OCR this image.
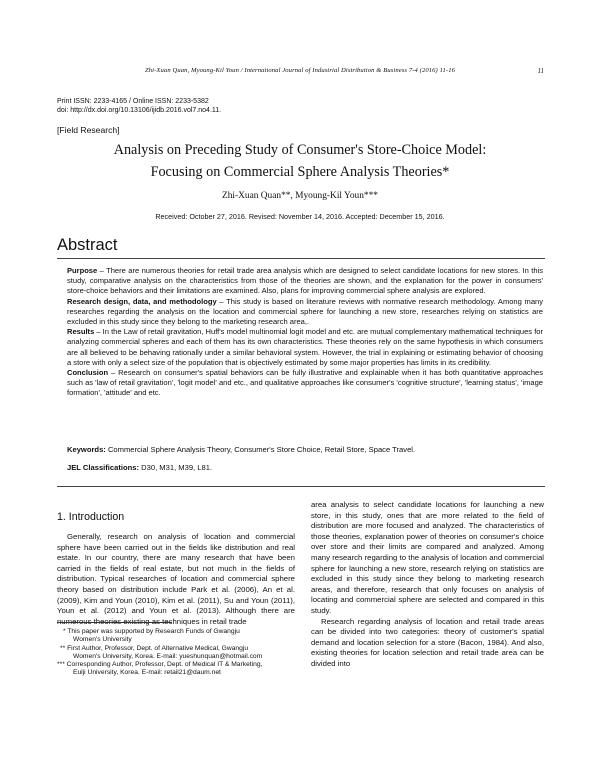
Zhi-Xuan Quan, Myoung-Kil Youn / International Journal of Industrial Distribution & Business 7-4 (2016) 11-16	11
Print ISSN: 2233-4165 / Online ISSN: 2233-5382
doi: http://dx.doi.org/10.13106/ijidb.2016.vol7.no4.11.
[Field Research]
Analysis on Preceding Study of Consumer's Store-Choice Model:
Focusing on Commercial Sphere Analysis Theories*
Zhi-Xuan Quan**, Myoung-Kil Youn***
Received: October 27, 2016. Revised: November 14, 2016. Accepted: December 15, 2016.
Abstract

Purpose – There are numerous theories for retail trade area analysis which are designed to select candidate locations for new stores. In this study, comparative analysis on the characteristics from those of the theories are shown, and the explanation for the power in consumers' store-choice behaviors and their limitations are examined. Also, plans for improving commercial sphere analysis are explored.

Research design, data, and methodology – This study is based on literature reviews with normative research methodology. Among many researches regarding the analysis on the location and commercial sphere for launching a new store, researches relying on statistics are excluded in this study since they belong to the marketing research area,.

Results – In the Law of retail gravitation, Huff's model multinomial logit model and etc. are mutual complementary mathematical techniques for analyzing commercial spheres and each of them has its own characteristics. These theories rely on the same hypothesis in which consumers are all believed to be behaving rationally under a similar behavioral system. However, the trial in explaining or estimating behavior of choosing a store with only a select size of the population that is objectively estimated by some major properties has limits in its credibility.

Conclusion – Research on consumer's spatial behaviors can be fully illustrative and explainable when it has both quantitative approaches such as 'law of retail gravitation', 'logit model' and etc., and qualitative approaches like consumer's 'cognitive structure', 'learning status', 'image formation', 'attitude' and etc.

Keywords: Commercial Sphere Analysis Theory, Consumer's Store Choice, Retail Store, Space Travel.
JEL Classifications: D30, M31, M39, L81.
1. Introduction

Generally, research on analysis of location and commercial sphere have been carried out in the fields like distribution and real estate. In our country, there are many research that have been carried in the fields of real estate, but not much in the fields of distribution. Typical researches of location and commercial sphere theory based on distribution include Park et al. (2006), An et al. (2009), Kim and Youn (2010), Kim et al. (2011), Su and Youn (2011), Youn et al. (2012) and Youn et al. (2013). Although there are numerous theories existing as techniques in retail trade

area analysis to select candidate locations for launching a new store, in this study, ones that are more related to the field of distribution are more focused and analyzed. The characteristics of those theories, explanation power of theories on consumer's choice over store and their limits are compared and analyzed. Among many research regarding to the analysis of location and commercial sphere for launching a new store, research relying on statistics are excluded in this study since they belong to marketing research areas, and therefore, research that only focuses on analysis of locating and commercial sphere are selected and compared in this study.

Research regarding analysis of location and retail trade areas can be divided into two categories: theory of customer's spatial demand and location selection for a store (Bacon, 1984). And also, existing theories for location selection and retail trade area can be divided into

* This paper was supported by Research Funds of Gwangju
Women's University
** First Author, Professor, Dept. of Alternative Medical, Gwangju
Women's University, Korea. E-mail: yueshunquan@hotmail.com
*** Corresponding Author, Professor, Dept. of Medical IT & Marketing,
Eulji University, Korea. E-mail: retail21@daum.net
